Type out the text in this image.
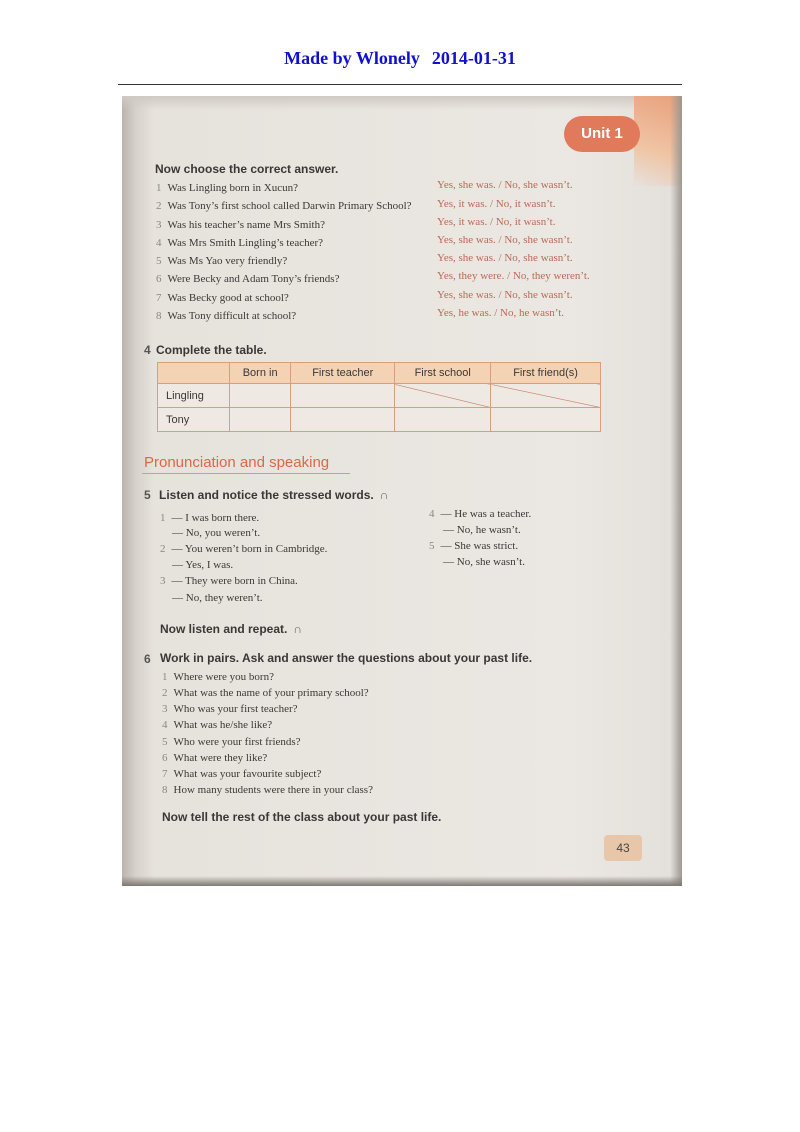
Made by Wlonely 2014-01-31
Unit 1
Now choose the correct answer.
1 Was Lingling born in Xucun?	Yes, she was. / No, she wasn’t.
2 Was Tony’s first school called Darwin Primary School? Yes, it was. / No, it wasn’t.
3 Was his teacher’s name Mrs Smith?	Yes, it was. / No, it wasn’t.
4 Was Mrs Smith Lingling’s teacher?	Yes, she was. / No, she wasn’t.
5 Was Ms Yao very friendly?	Yes, she was. / No, she wasn’t.
6 Were Becky and Adam Tony’s friends?	Yes, they were. / No, they weren’t.
7 Was Becky good at school?	Yes, she was. / No, she wasn’t.
8 Was Tony difficult at school?	Yes, he was. / No, he wasn’t.
4 Complete the table.
	Born in	First teacher	First school	First friend(s)
Lingling				
Tony				
Pronunciation and speaking
5 Listen and notice the stressed words. ∩
1 — I was born there.
— No, you weren’t.
2 — You weren’t born in Cambridge.
— Yes, I was.
3 — They were born in China.
— No, they weren’t.
4 — He was a teacher.
— No, he wasn’t.
5 — She was strict.
— No, she wasn’t.
Now listen and repeat. ∩
6 Work in pairs. Ask and answer the questions about your past life.
1 Where were you born?
2 What was the name of your primary school?
3 Who was your first teacher?
4 What was he/she like?
5 Who were your first friends?
6 What were they like?
7 What was your favourite subject?
8 How many students were there in your class?
Now tell the rest of the class about your past life.
43
